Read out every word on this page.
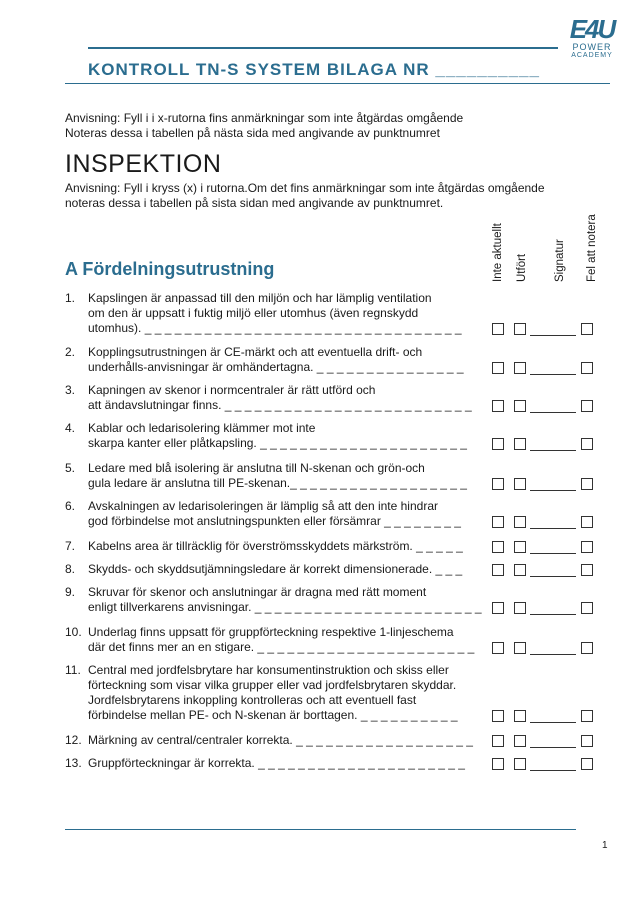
E4U
POWER
ACADEMY
KONTROLL TN-S SYSTEM BILAGA NR __________
Anvisning: Fyll i i x-rutorna fins anmärkningar som inte åtgärdas omgående
Noteras dessa i tabellen på nästa sida med angivande av punktnumret
INSPEKTION
Anvisning: Fyll i kryss (x) i rutorna.Om det fins anmärkningar som inte åtgärdas omgående
noteras dessa i tabellen på sista sidan med angivande av punktnumret.
Inte aktuellt Utfört Signatur Fel att notera
A Fördelningsutrustning
1.	Kapslingen är anpassad till den miljön och har lämplig ventilation
om den är uppsatt i fuktig miljö eller utomhus (även regnskydd
utomhus). _ _ _ _ _ _ _ _ _ _ _ _ _ _ _ _ _ _ _ _ _ _ _ _ _ _ _ _ _ _ _ _
2.	Kopplingsutrustningen är CE-märkt och att eventuella drift- och
underhålls-anvisningar är omhändertagna. _ _ _ _ _ _ _ _ _ _ _ _ _ _ _
3.	Kapningen av skenor i normcentraler är rätt utförd och
att ändavslutningar finns. _ _ _ _ _ _ _ _ _ _ _ _ _ _ _ _ _ _ _ _ _ _ _ _ _
4.	Kablar och ledarisolering klämmer mot inte
skarpa kanter eller plåtkapsling. _ _ _ _ _ _ _ _ _ _ _ _ _ _ _ _ _ _ _ _ _
5.	Ledare med blå isolering är anslutna till N-skenan och grön-och
gula ledare är anslutna till PE-skenan._ _ _ _ _ _ _ _ _ _ _ _ _ _ _ _ _ _
6.	Avskalningen av ledarisoleringen är lämplig så att den inte hindrar
god förbindelse mot anslutningspunkten eller försämrar _ _ _ _ _ _ _ _
7.	Kabelns area är tillräcklig för överströmsskyddets märkström. _ _ _ _ _
8.	Skydds- och skyddsutjämningsledare är korrekt dimensionerade. _ _ _
9.	Skruvar för skenor och anslutningar är dragna med rätt moment
enligt tillverkarens anvisningar. _ _ _ _ _ _ _ _ _ _ _ _ _ _ _ _ _ _ _ _ _ _ _
10. Underlag finns uppsatt för gruppförteckning respektive 1-linjeschema
där det finns mer an en stigare. _ _ _ _ _ _ _ _ _ _ _ _ _ _ _ _ _ _ _ _ _ _
11. Central med jordfelsbrytare har konsumentinstruktion och skiss eller
förteckning som visar vilka grupper eller vad jordfelsbrytaren skyddar.
Jordfelsbrytarens inkoppling kontrolleras och att eventuell fast
förbindelse mellan PE- och N-skenan är borttagen. _ _ _ _ _ _ _ _ _ _
12. Märkning av central/centraler korrekta. _ _ _ _ _ _ _ _ _ _ _ _ _ _ _ _ _ _
13. Gruppförteckningar är korrekta. _ _ _ _ _ _ _ _ _ _ _ _ _ _ _ _ _ _ _ _ _
1
